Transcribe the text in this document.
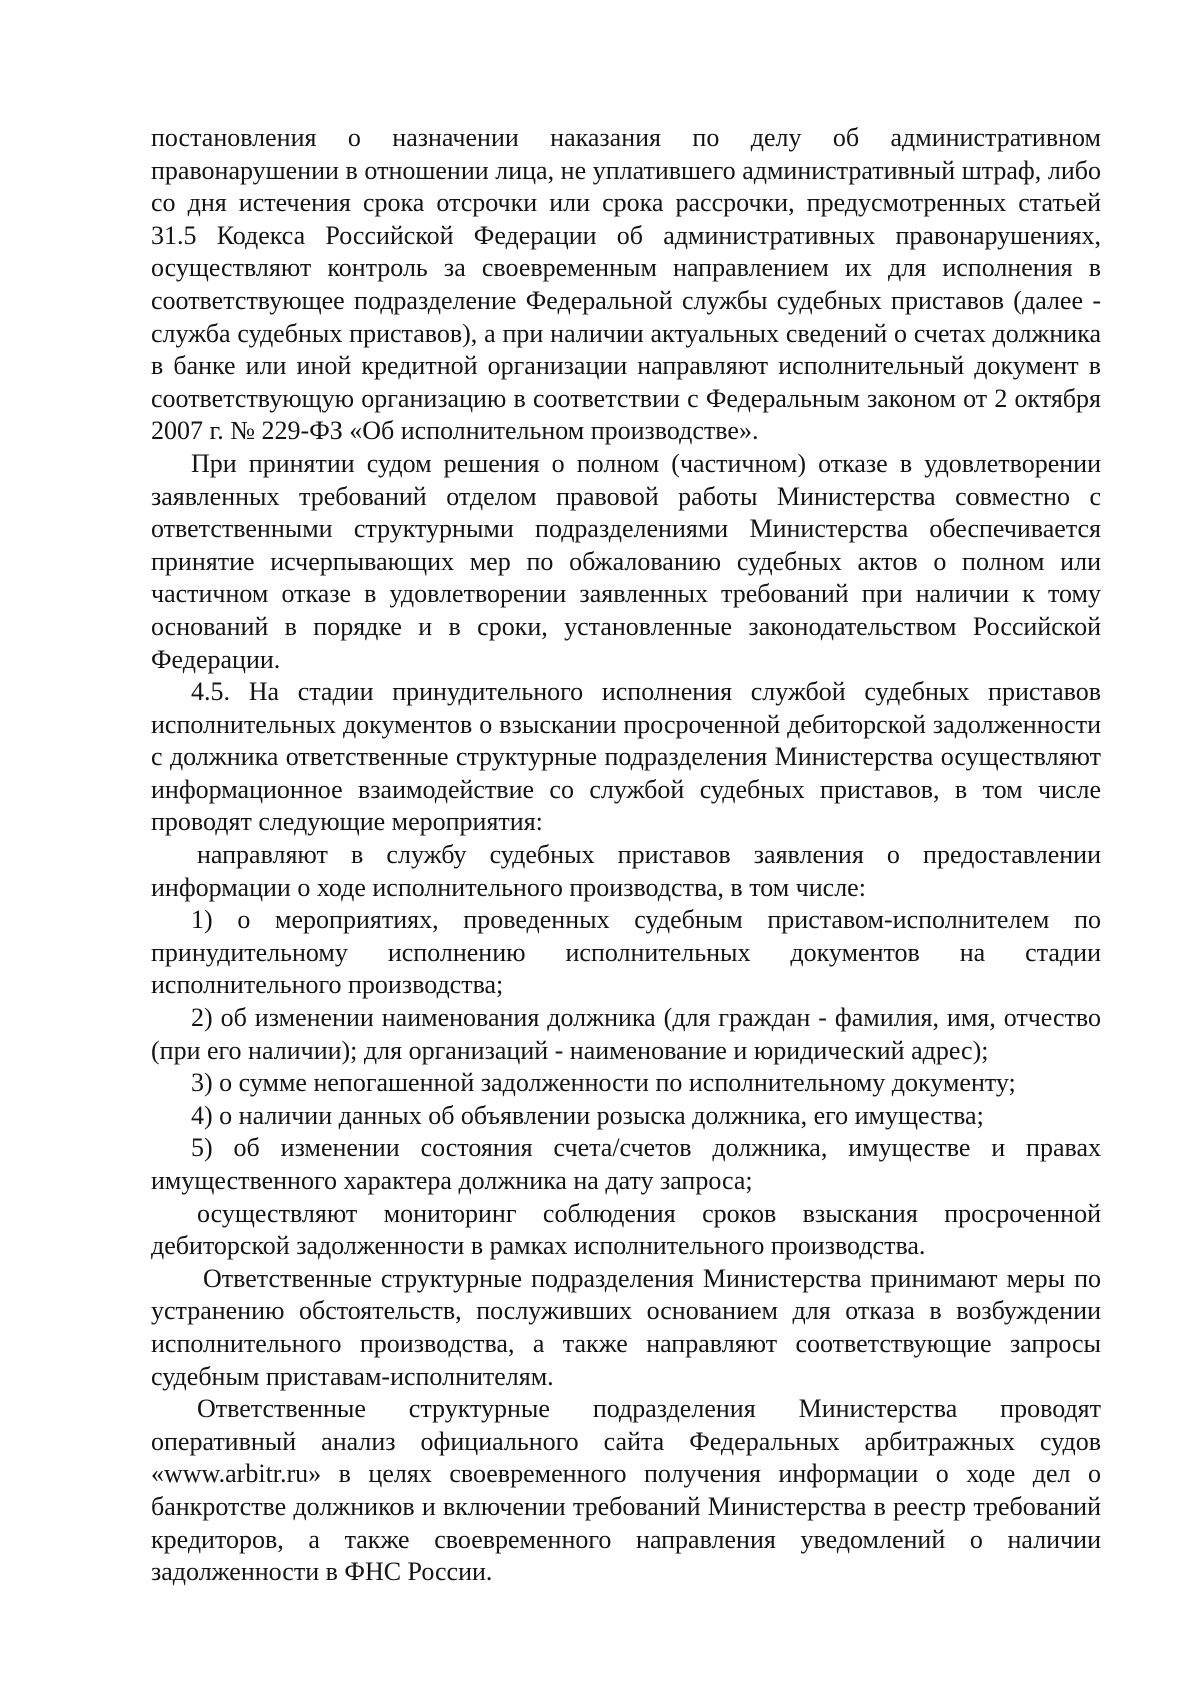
постановления о назначении наказания по делу об административном правонарушении в отношении лица, не уплатившего административный штраф, либо со дня истечения срока отсрочки или срока рассрочки, предусмотренных статьей 31.5 Кодекса Российской Федерации об административных правонарушениях, осуществляют контроль за своевременным направлением их для исполнения в соответствующее подразделение Федеральной службы судебных приставов (далее - служба судебных приставов), а при наличии актуальных сведений о счетах должника в банке или иной кредитной организации направляют исполнительный документ в соответствующую организацию в соответствии с Федеральным законом от 2 октября 2007 г. № 229-ФЗ «Об исполнительном производстве».

При принятии судом решения о полном (частичном) отказе в удовлетворении заявленных требований отделом правовой работы Министерства совместно с ответственными структурными подразделениями Министерства обеспечивается принятие исчерпывающих мер по обжалованию судебных актов о полном или частичном отказе в удовлетворении заявленных требований при наличии к тому оснований в порядке и в сроки, установленные законодательством Российской Федерации.

4.5. На стадии принудительного исполнения службой судебных приставов исполнительных документов о взыскании просроченной дебиторской задолженности с должника ответственные структурные подразделения Министерства осуществляют информационное взаимодействие со службой судебных приставов, в том числе проводят следующие мероприятия:

направляют в службу судебных приставов заявления о предоставлении информации о ходе исполнительного производства, в том числе:

1) о мероприятиях, проведенных судебным приставом-исполнителем по принудительному исполнению исполнительных документов на стадии исполнительного производства;

2) об изменении наименования должника (для граждан - фамилия, имя, отчество (при его наличии); для организаций - наименование и юридический адрес);

3) о сумме непогашенной задолженности по исполнительному документу;

4) о наличии данных об объявлении розыска должника, его имущества;

5) об изменении состояния счета/счетов должника, имуществе и правах имущественного характера должника на дату запроса;

осуществляют мониторинг соблюдения сроков взыскания просроченной дебиторской задолженности в рамках исполнительного производства.

Ответственные структурные подразделения Министерства принимают меры по устранению обстоятельств, послуживших основанием для отказа в возбуждении исполнительного производства, а также направляют соответствующие запросы судебным приставам-исполнителям.

Ответственные структурные подразделения Министерства проводят оперативный анализ официального сайта Федеральных арбитражных судов «www.arbitr.ru» в целях своевременного получения информации о ходе дел о банкротстве должников и включении требований Министерства в реестр требований кредиторов, а также своевременного направления уведомлений о наличии задолженности в ФНС России.
